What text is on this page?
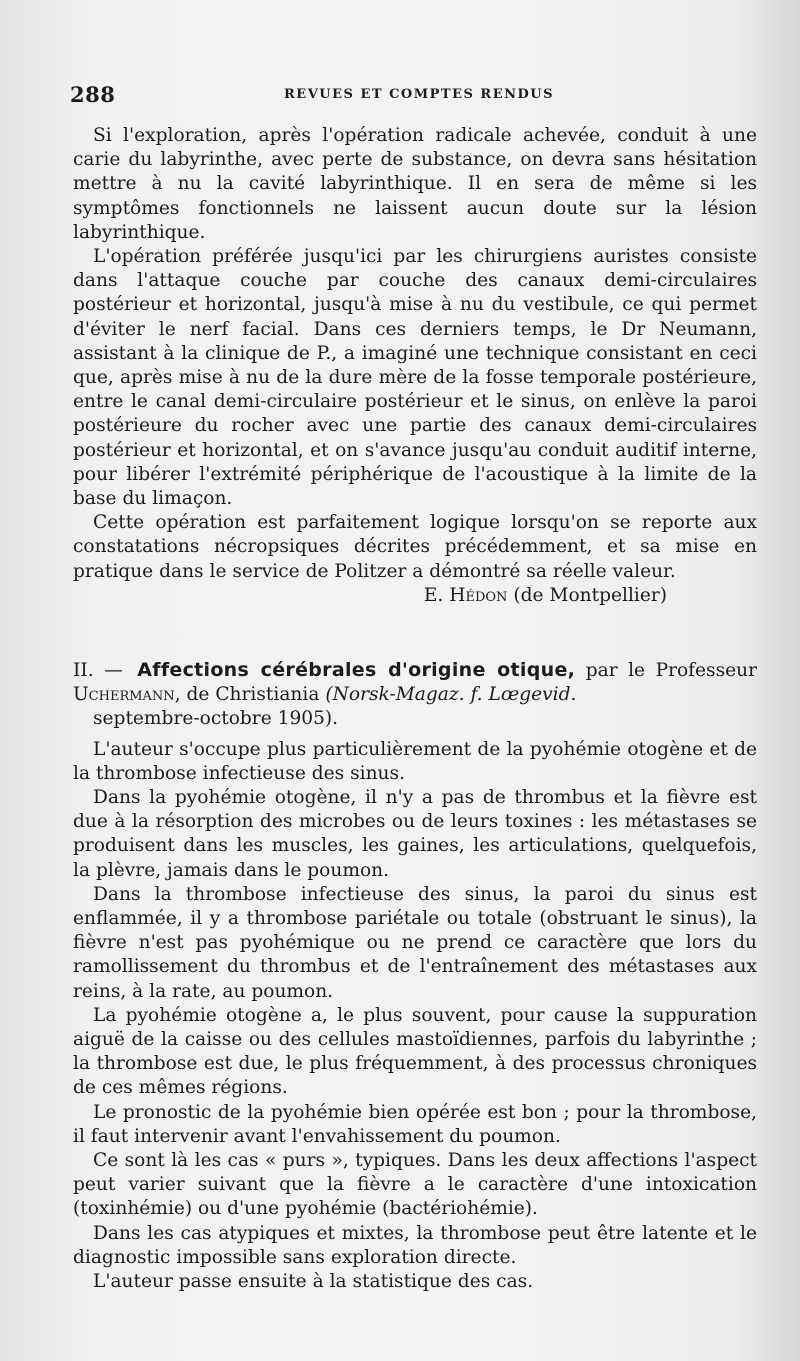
288	REVUES ET COMPTES RENDUS

Si l'exploration, après l'opération radicale achevée, conduit à une carie du labyrinthe, avec perte de substance, on devra sans hésitation mettre à nu la cavité labyrinthique. Il en sera de même si les symptômes fonctionnels ne laissent aucun doute sur la lésion labyrinthique.

L'opération préférée jusqu'ici par les chirurgiens auristes consiste dans l'attaque couche par couche des canaux demi-circulaires postérieur et horizontal, jusqu'à mise à nu du vestibule, ce qui permet d'éviter le nerf facial. Dans ces derniers temps, le Dr Neumann, assistant à la clinique de P., a imaginé une technique consistant en ceci que, après mise à nu de la dure mère de la fosse temporale postérieure, entre le canal demi-circulaire postérieur et le sinus, on enlève la paroi postérieure du rocher avec une partie des canaux demi-circulaires postérieur et horizontal, et on s'avance jusqu'au conduit auditif interne, pour libérer l'extrémité périphérique de l'acoustique à la limite de la base du limaçon.

Cette opération est parfaitement logique lorsqu'on se reporte aux constatations nécropsiques décrites précédemment, et sa mise en pratique dans le service de Politzer a démontré sa réelle valeur.

E. Hédon (de Montpellier)

II. — Affections cérébrales d'origine otique, par le Professeur Uchermann, de Christiania (Norsk-Magaz. f. Lœgevid.
septembre-octobre 1905).

L'auteur s'occupe plus particulièrement de la pyohémie otogène et de la thrombose infectieuse des sinus.

Dans la pyohémie otogène, il n'y a pas de thrombus et la fièvre est due à la résorption des microbes ou de leurs toxines : les métastases se produisent dans les muscles, les gaines, les articulations, quelquefois, la plèvre, jamais dans le poumon.

Dans la thrombose infectieuse des sinus, la paroi du sinus est enflammée, il y a thrombose pariétale ou totale (obstruant le sinus), la fièvre n'est pas pyohémique ou ne prend ce caractère que lors du ramollissement du thrombus et de l'entraînement des métastases aux reins, à la rate, au poumon.

La pyohémie otogène a, le plus souvent, pour cause la suppuration aiguë de la caisse ou des cellules mastoïdiennes, parfois du labyrinthe ; la thrombose est due, le plus fréquemment, à des processus chroniques de ces mêmes régions.

Le pronostic de la pyohémie bien opérée est bon ; pour la thrombose, il faut intervenir avant l'envahissement du poumon.

Ce sont là les cas « purs », typiques. Dans les deux affections l'aspect peut varier suivant que la fièvre a le caractère d'une intoxication (toxinhémie) ou d'une pyohémie (bactériohémie).

Dans les cas atypiques et mixtes, la thrombose peut être latente et le diagnostic impossible sans exploration directe.

L'auteur passe ensuite à la statistique des cas.
